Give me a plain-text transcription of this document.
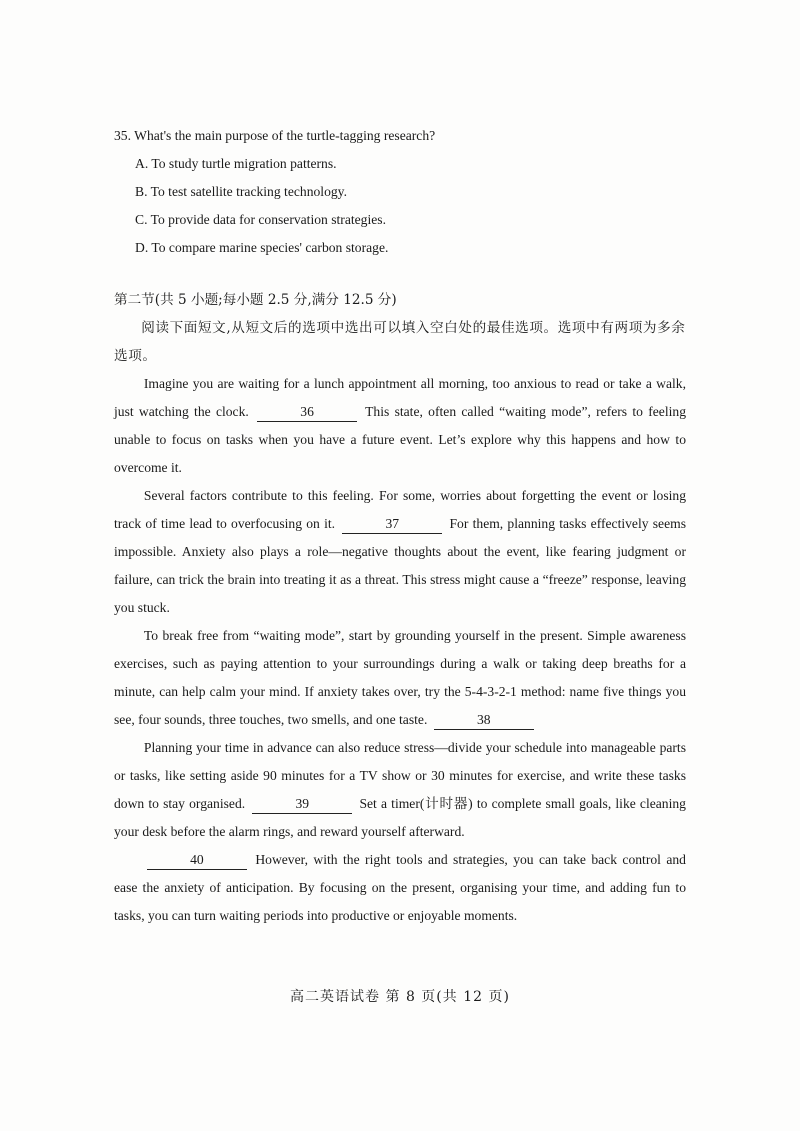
35. What's the main purpose of the turtle-tagging research?

A. To study turtle migration patterns.

B. To test satellite tracking technology.

C. To provide data for conservation strategies.

D. To compare marine species' carbon storage.

第二节(共 5 小题;每小题 2.5 分,满分 12.5 分)

阅读下面短文,从短文后的选项中选出可以填入空白处的最佳选项。选项中有两项为多余选项。

Imagine you are waiting for a lunch appointment all morning, too anxious to read or take a walk, just watching the clock.	36	This state, often called “waiting mode”, refers to feeling unable to focus on tasks when you have a future event. Let’s explore why this happens and how to overcome it.

Several factors contribute to this feeling. For some, worries about forgetting the event or losing track of time lead to overfocusing on it.	37	For them, planning tasks effectively seems impossible. Anxiety also plays a role—negative thoughts about the event, like fearing judgment or failure, can trick the brain into treating it as a threat. This stress might cause a “freeze” response, leaving you stuck.

To break free from “waiting mode”, start by grounding yourself in the present. Simple awareness exercises, such as paying attention to your surroundings during a walk or taking deep breaths for a minute, can help calm your mind. If anxiety takes over, try the 5-4-3-2-1 method: name five things you see, four sounds, three touches, two smells, and one taste.	38

Planning your time in advance can also reduce stress—divide your schedule into manageable parts or tasks, like setting aside 90 minutes for a TV show or 30 minutes for exercise, and write these tasks down to stay organised.	39	Set a timer(计时器) to complete small goals, like cleaning your desk before the alarm rings, and reward yourself afterward.

40	However, with the right tools and strategies, you can take back control and ease the anxiety of anticipation. By focusing on the present, organising your time, and adding fun to tasks, you can turn waiting periods into productive or enjoyable moments.

高二英语试卷 第 8 页(共 12 页)
